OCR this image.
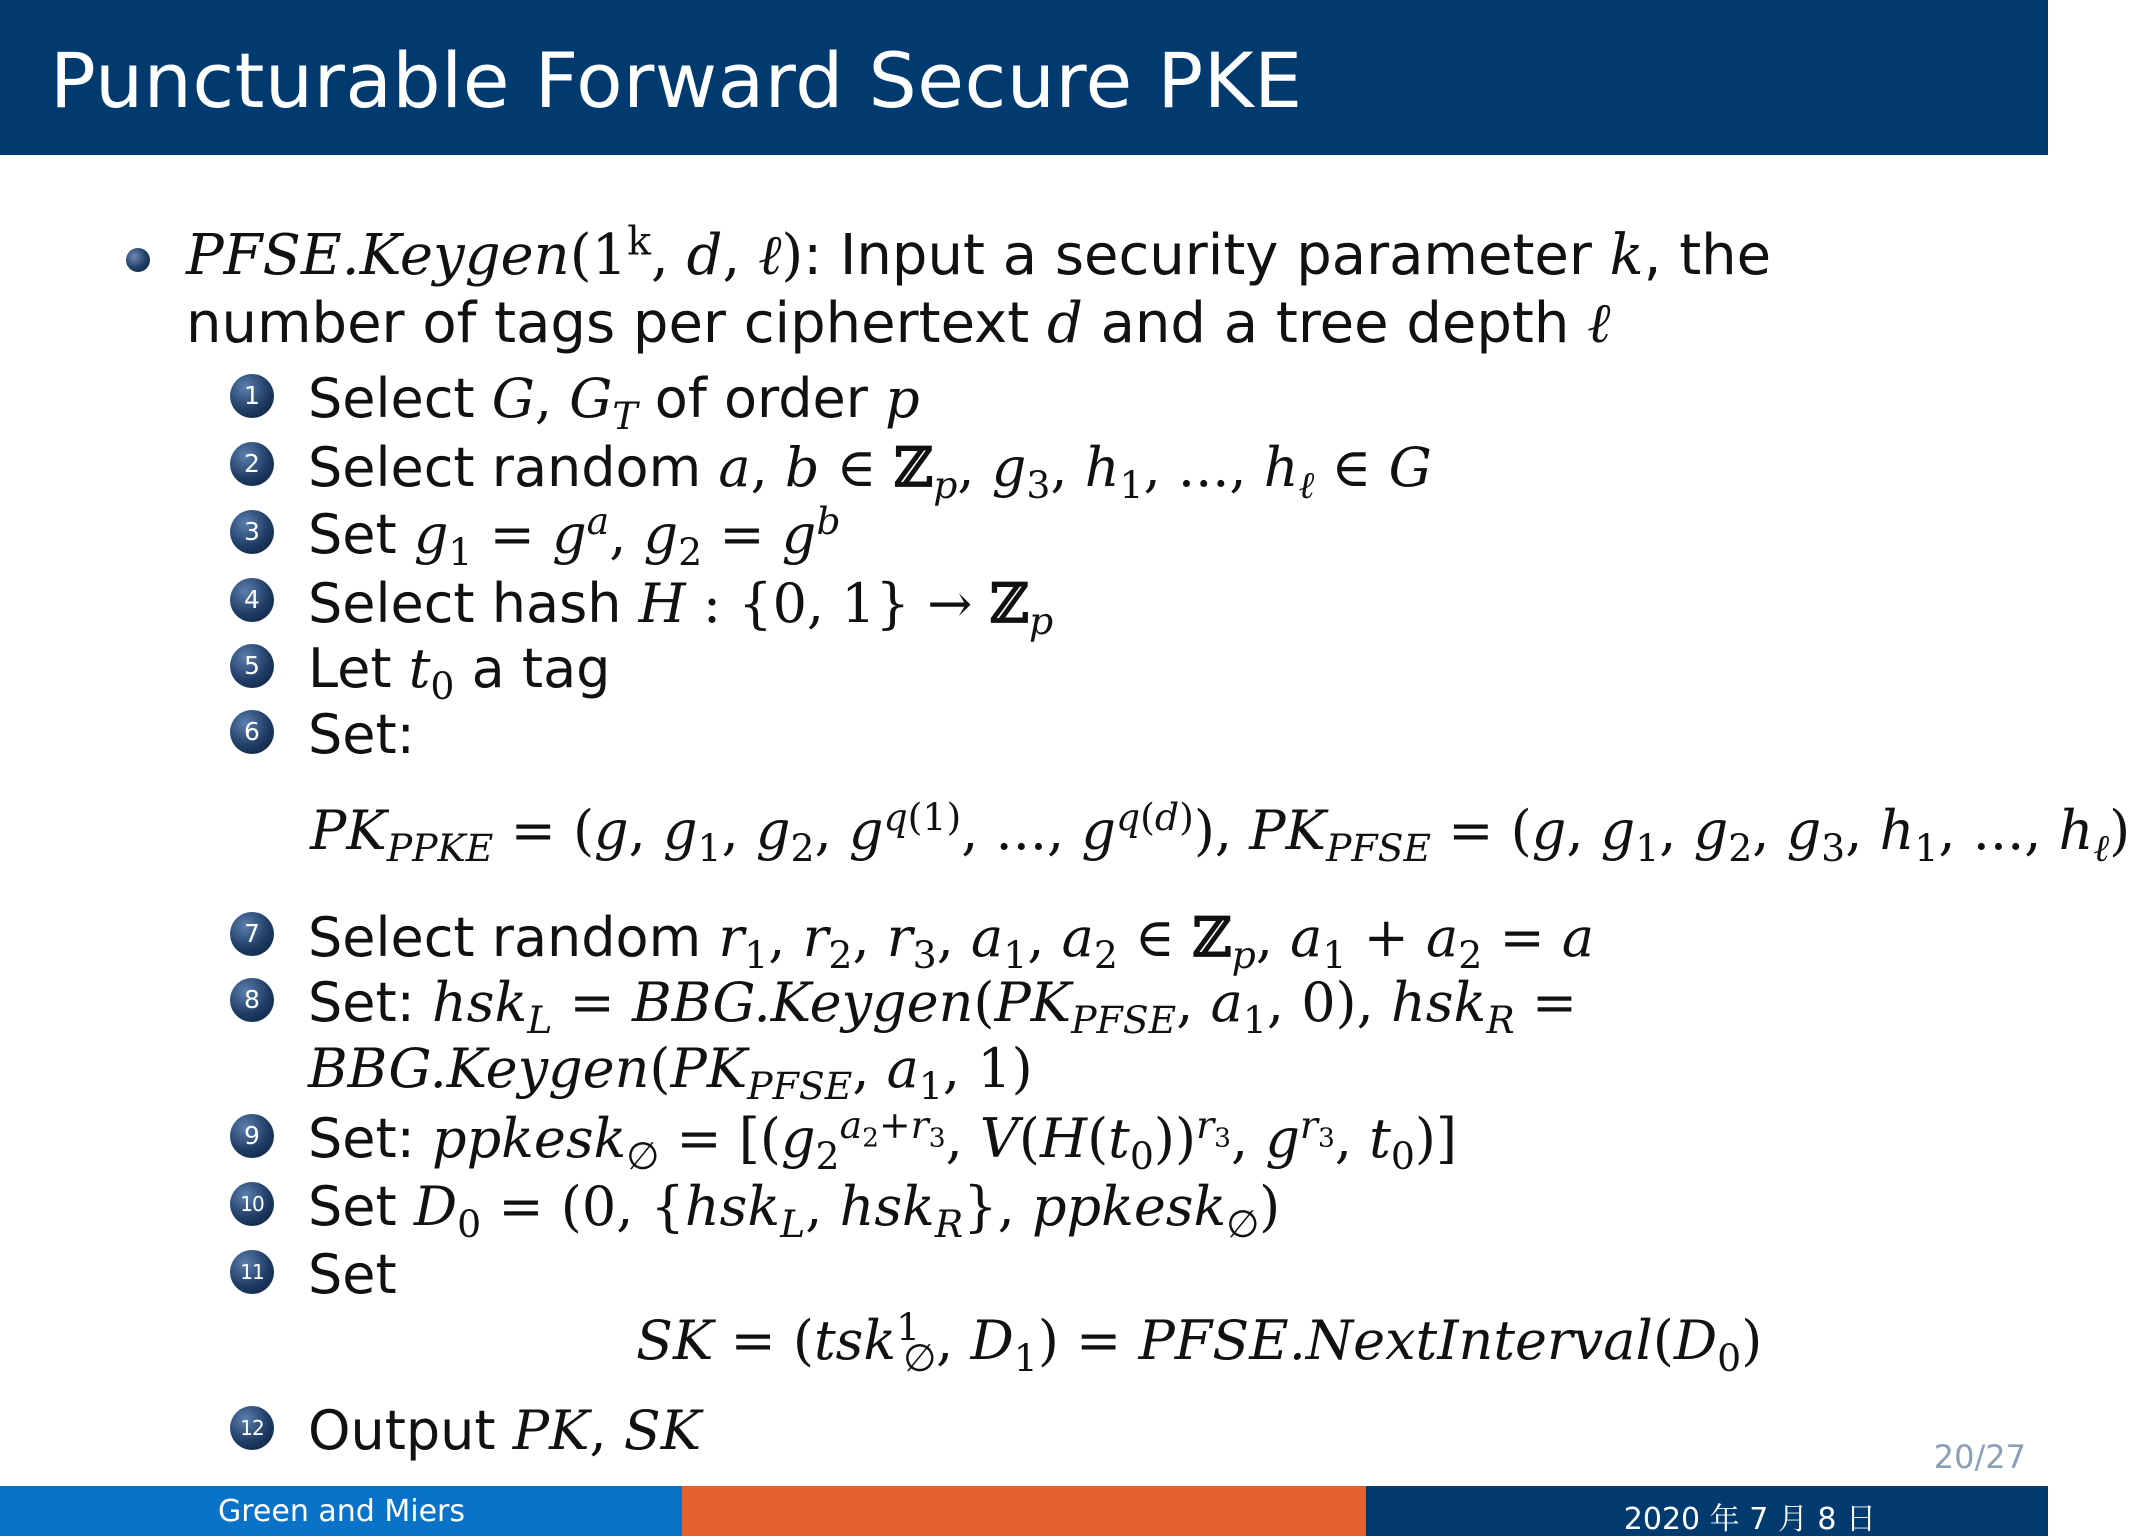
Puncturable Forward Secure PKE
PFSE.Keygen(1$^k$, d, ℓ): Input a security parameter k, the number of tags per ciphertext d and a tree depth ℓ
1 Select G, $G_T$ of order p
2 Select random a, b ∈ ℤ$_p$, $g_3$, $h_1$, ..., $h_\ell$ ∈ G
3 Set $g_1 = g^a$, $g_2 = g^b$
4 Select hash H : {0, 1} → ℤ$_p$
5 Let $t_0$ a tag
6 Set:
$PK_{PPKE} = (g$, $g_1$, $g_2$, $g^{q(1)}$, ..., $g^{q(d)}$), $PK_{PFSE} = (g$, $g_1$, $g_2$, $g_3$, $h_1$, ..., $h_\ell$)
7 Select random $r_1$, $r_2$, $r_3$, $a_1$, $a_2$ ∈ ℤ$_p$, $a_1 + a_2 = a$
8 Set: $hsk_L = BBG.Keygen(PK_{PFSE}$, $a_1$, 0), hsk$_R$ =
$BBG.Keygen(PK_{PFSE}$, $a_1$, 1)
9 Set: ppkesk$_\emptyset$ = [($g_2^{a_2+r_3}$, $V(H(t_0))^{r_3}$, $g^{r_3}$, $t_0$)]
10 Set $D_0 = (0$, {hsk$_L$, hsk$_R$}, ppkesk$_\emptyset$)
11 Set
SK = (tsk$^1_\emptyset$, $D_1$) = $PFSE.NextInterval(D_0)$
12 Output PK, SK	20/27
Green and Miers	2020 年 7 月 8 日
